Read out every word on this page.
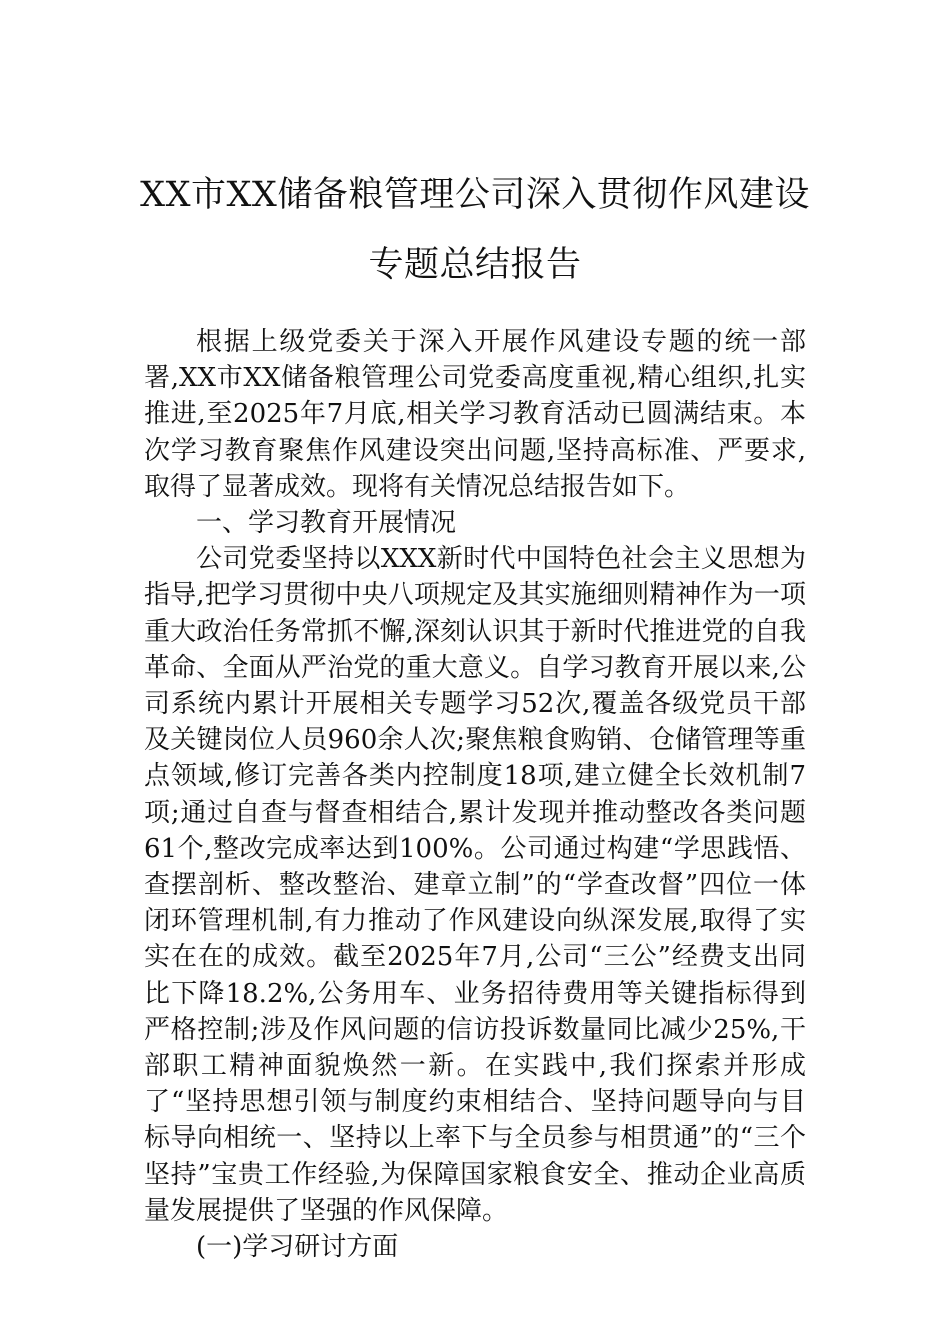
XX市XX储备粮管理公司深入贯彻作风建设专题总结报告

根据上级党委关于深入开展作风建设专题的统一部署,XX市XX储备粮管理公司党委高度重视,精心组织,扎实推进,至2025年7月底,相关学习教育活动已圆满结束。本次学习教育聚焦作风建设突出问题,坚持高标准、严要求,取得了显著成效。现将有关情况总结报告如下。

一、学习教育开展情况

公司党委坚持以XXX新时代中国特色社会主义思想为指导,把学习贯彻中央八项规定及其实施细则精神作为一项重大政治任务常抓不懈,深刻认识其于新时代推进党的自我革命、全面从严治党的重大意义。自学习教育开展以来,公司系统内累计开展相关专题学习52次,覆盖各级党员干部及关键岗位人员960余人次;聚焦粮食购销、仓储管理等重点领域,修订完善各类内控制度18项,建立健全长效机制7项;通过自查与督查相结合,累计发现并推动整改各类问题61个,整改完成率达到100%。公司通过构建“学思践悟、查摆剖析、整改整治、建章立制”的“学查改督”四位一体闭环管理机制,有力推动了作风建设向纵深发展,取得了实实在在的成效。截至2025年7月,公司“三公”经费支出同比下降18.2%,公务用车、业务招待费用等关键指标得到严格控制;涉及作风问题的信访投诉数量同比减少25%,干部职工精神面貌焕然一新。在实践中,我们探索并形成了“坚持思想引领与制度约束相结合、坚持问题导向与目标导向相统一、坚持以上率下与全员参与相贯通”的“三个坚持”宝贵工作经验,为保障国家粮食安全、推动企业高质量发展提供了坚强的作风保障。

(一)学习研讨方面
